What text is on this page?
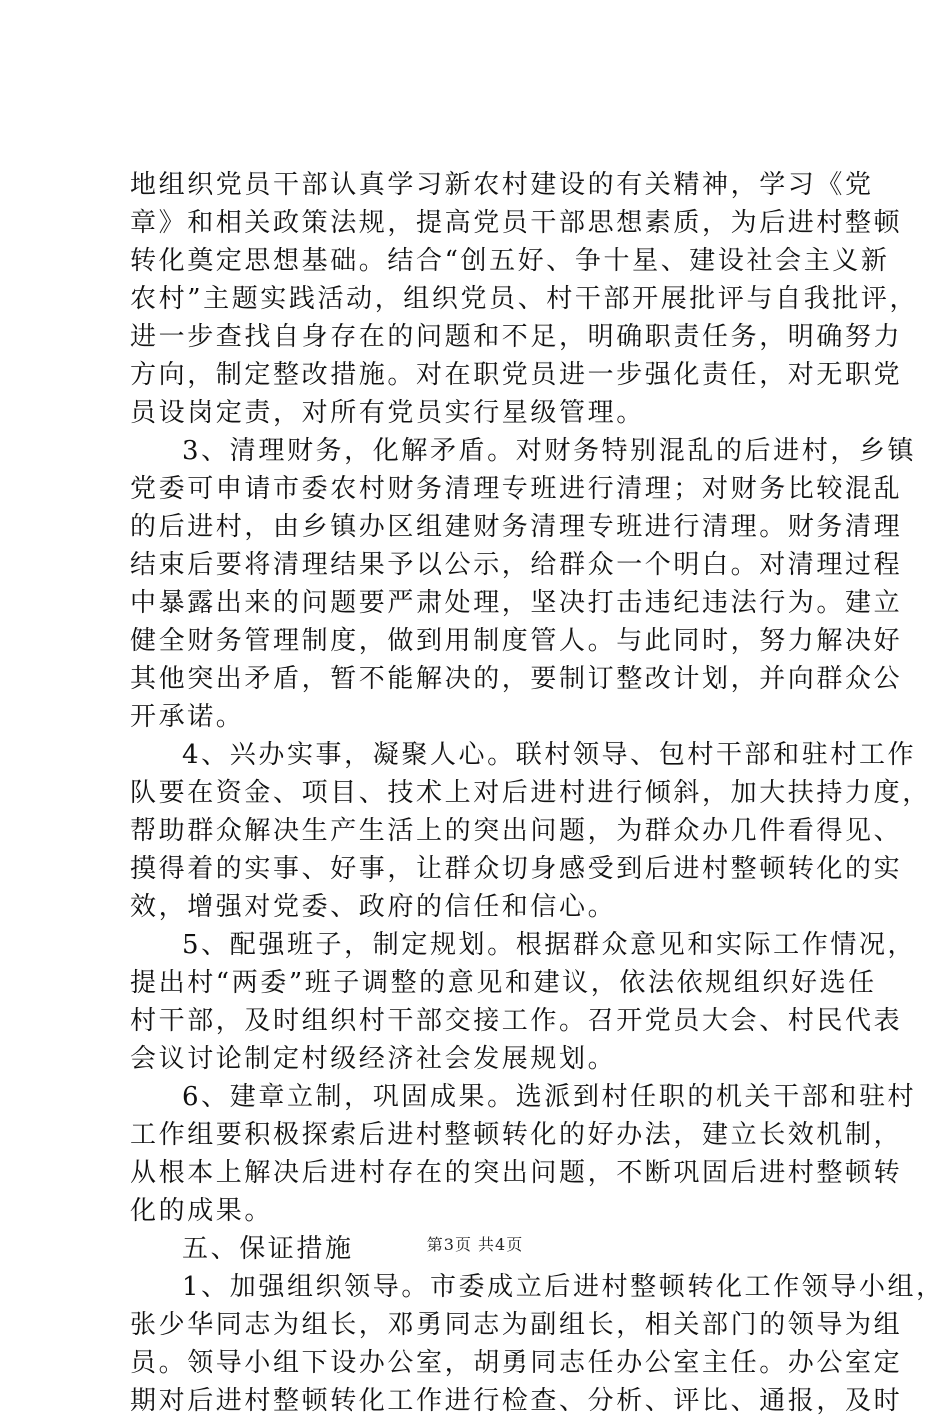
地组织党员干部认真学习新农村建设的有关精神，学习《党
章》和相关政策法规，提高党员干部思想素质，为后进村整顿
转化奠定思想基础。结合“创五好、争十星、建设社会主义新
农村”主题实践活动，组织党员、村干部开展批评与自我批评，
进一步查找自身存在的问题和不足，明确职责任务，明确努力
方向，制定整改措施。对在职党员进一步强化责任，对无职党
员设岗定责，对所有党员实行星级管理。
3、清理财务，化解矛盾。对财务特别混乱的后进村，乡镇
党委可申请市委农村财务清理专班进行清理；对财务比较混乱
的后进村，由乡镇办区组建财务清理专班进行清理。财务清理
结束后要将清理结果予以公示，给群众一个明白。对清理过程
中暴露出来的问题要严肃处理，坚决打击违纪违法行为。建立
健全财务管理制度，做到用制度管人。与此同时，努力解决好
其他突出矛盾，暂不能解决的，要制订整改计划，并向群众公
开承诺。
4、兴办实事，凝聚人心。联村领导、包村干部和驻村工作
队要在资金、项目、技术上对后进村进行倾斜，加大扶持力度，
帮助群众解决生产生活上的突出问题，为群众办几件看得见、
摸得着的实事、好事，让群众切身感受到后进村整顿转化的实
效，增强对党委、政府的信任和信心。
5、配强班子，制定规划。根据群众意见和实际工作情况，
提出村“两委”班子调整的意见和建议，依法依规组织好选任
村干部，及时组织村干部交接工作。召开党员大会、村民代表
会议讨论制定村级经济社会发展规划。
6、建章立制，巩固成果。选派到村任职的机关干部和驻村
工作组要积极探索后进村整顿转化的好办法，建立长效机制，
从根本上解决后进村存在的突出问题，不断巩固后进村整顿转
化的成果。
五、保证措施
1、加强组织领导。市委成立后进村整顿转化工作领导小组，
张少华同志为组长，邓勇同志为副组长，相关部门的领导为组
员。领导小组下设办公室，胡勇同志任办公室主任。办公室定
期对后进村整顿转化工作进行检查、分析、评比、通报，及时
第3页 共4页
